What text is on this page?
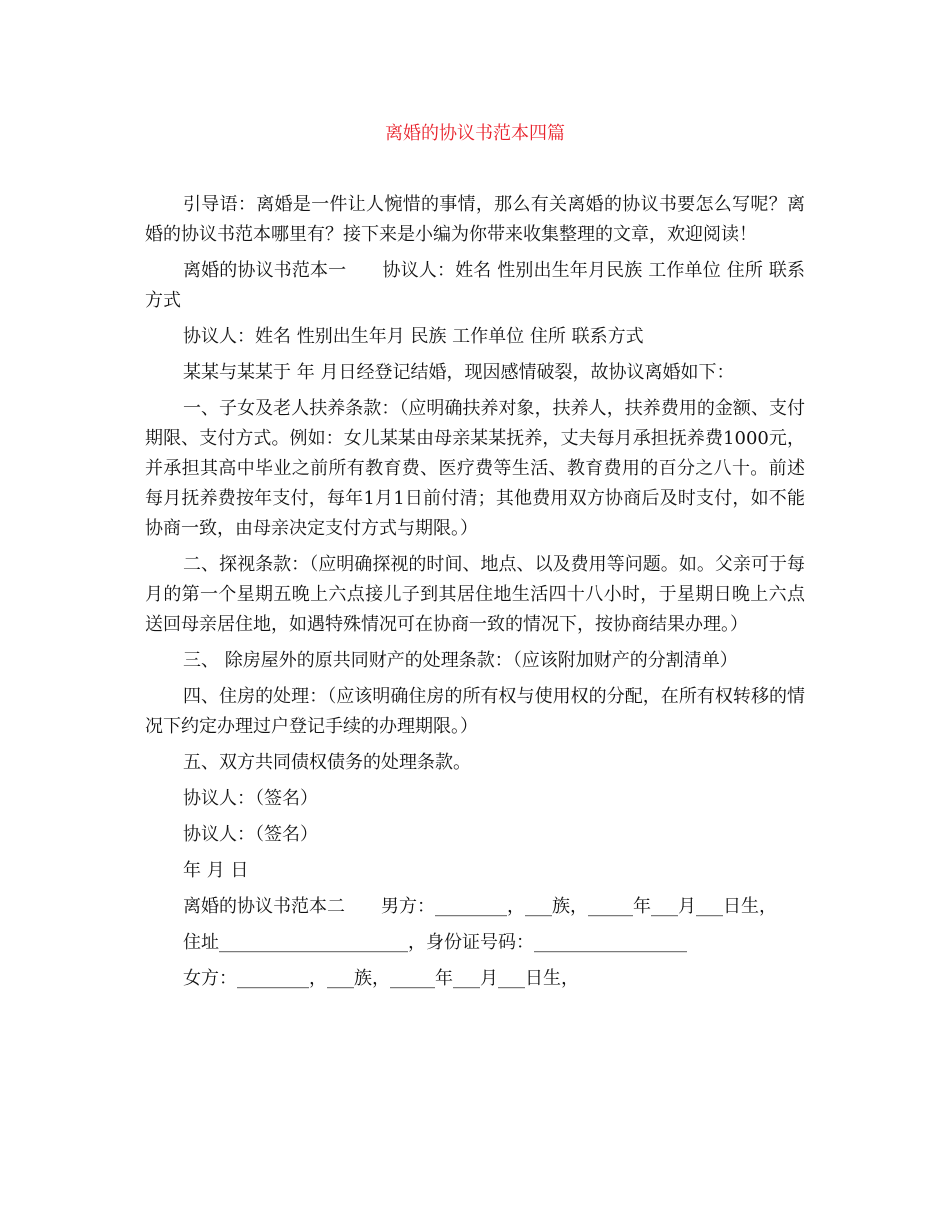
离婚的协议书范本四篇

引导语：离婚是一件让人惋惜的事情，那么有关离婚的协议书要怎么写呢？离婚的协议书范本哪里有？接下来是小编为你带来收集整理的文章，欢迎阅读！

离婚的协议书范本一　　协议人：姓名 性别出生年月民族 工作单位 住所 联系方式

协议人：姓名 性别出生年月 民族 工作单位 住所 联系方式

某某与某某于 年 月日经登记结婚，现因感情破裂，故协议离婚如下：

一、子女及老人扶养条款：（应明确扶养对象，扶养人，扶养费用的金额、支付期限、支付方式。例如：女儿某某由母亲某某抚养，丈夫每月承担抚养费1000元，并承担其高中毕业之前所有教育费、医疗费等生活、教育费用的百分之八十。前述每月抚养费按年支付，每年1月1日前付清；其他费用双方协商后及时支付，如不能协商一致，由母亲决定支付方式与期限。）

二、探视条款：（应明确探视的时间、地点、以及费用等问题。如。父亲可于每月的第一个星期五晚上六点接儿子到其居住地生活四十八小时，于星期日晚上六点送回母亲居住地，如遇特殊情况可在协商一致的情况下，按协商结果办理。）

三、 除房屋外的原共同财产的处理条款：（应该附加财产的分割清单）

四、住房的处理：（应该明确住房的所有权与使用权的分配，在所有权转移的情况下约定办理过户登记手续的办理期限。）

五、双方共同债权债务的处理条款。

协议人：（签名）

协议人：（签名）

年 月 日

离婚的协议书范本二　　男方：________，___族，_____年___月___日生，

住址_____________________，身份证号码：_________________

女方：________，___族，_____年___月___日生，
